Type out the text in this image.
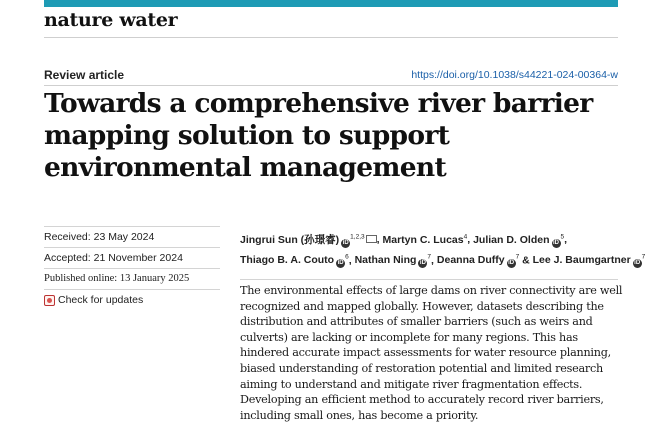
nature water
Review article	https://doi.org/10.1038/s44221-024-00364-w
Towards a comprehensive river barrier mapping solution to support environmental management
Received: 23 May 2024
Accepted: 21 November 2024
Published online: 13 January 2025
Check for updates
Jingrui Sun (孙璟睿) iD$^{1,2,3}$ , Martyn C. Lucas$^4$, Julian D. Olden $iD^5$,
Thiago B. A. Couto $iD^6$, Nathan Ning $iD^7$, Deanna Duffy $iD^7$ & Lee J. Baumgartner $iD^7$

The environmental effects of large dams on river connectivity are well recognized and mapped globally. However, datasets describing the distribution and attributes of smaller barriers (such as weirs and culverts) are lacking or incomplete for many regions. This has hindered accurate impact assessments for water resource planning, biased understanding of restoration potential and limited research aiming to understand and mitigate river fragmentation effects. Developing an efficient method to accurately record river barriers, including small ones, has become a priority.
